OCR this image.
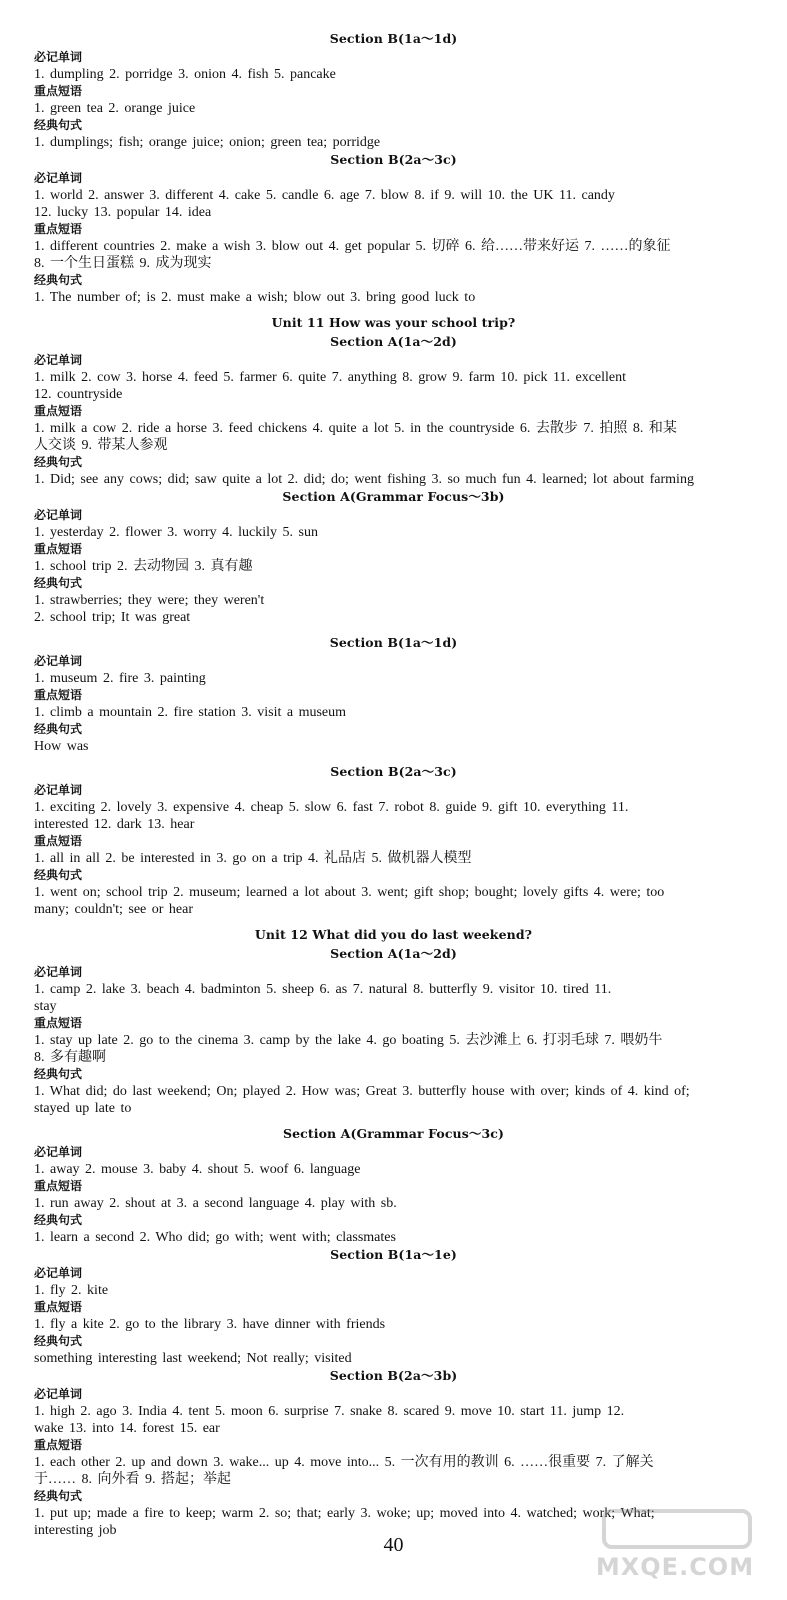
Section B(1a～1d)
必记单词
1. dumpling 2. porridge 3. onion 4. fish 5. pancake
重点短语
1. green tea 2. orange juice
经典句式
1. dumplings; fish; orange juice; onion; green tea; porridge
Section B(2a～3c)
必记单词
1. world 2. answer 3. different 4. cake 5. candle 6. age 7. blow 8. if 9. will 10. the UK 11. candy
12. lucky 13. popular 14. idea
重点短语
1. different countries 2. make a wish 3. blow out 4. get popular 5. 切碎 6. 给……带来好运 7. ……的象征
8. 一个生日蛋糕 9. 成为现实
经典句式
1. The number of; is 2. must make a wish; blow out 3. bring good luck to
Unit 11 How was your school trip?
Section A(1a～2d)
必记单词
1. milk 2. cow 3. horse 4. feed 5. farmer 6. quite 7. anything 8. grow 9. farm 10. pick 11. excellent
12. countryside
重点短语
1. milk a cow 2. ride a horse 3. feed chickens 4. quite a lot 5. in the countryside 6. 去散步 7. 拍照 8. 和某
人交谈 9. 带某人参观
经典句式
1. Did; see any cows; did; saw quite a lot 2. did; do; went fishing 3. so much fun 4. learned; lot about farming
Section A(Grammar Focus～3b)
必记单词
1. yesterday 2. flower 3. worry 4. luckily 5. sun
重点短语
1. school trip 2. 去动物园 3. 真有趣
经典句式
1. strawberries; they were; they weren't
2. school trip; It was great
Section B(1a～1d)
必记单词
1. museum 2. fire 3. painting
重点短语
1. climb a mountain 2. fire station 3. visit a museum
经典句式
How was
Section B(2a～3c)
必记单词
1. exciting 2. lovely 3. expensive 4. cheap 5. slow 6. fast 7. robot 8. guide 9. gift 10. everything 11.
interested 12. dark 13. hear
重点短语
1. all in all 2. be interested in 3. go on a trip 4. 礼品店 5. 做机器人模型
经典句式
1. went on; school trip 2. museum; learned a lot about 3. went; gift shop; bought; lovely gifts 4. were; too
many; couldn't; see or hear
Unit 12 What did you do last weekend?
Section A(1a～2d)
必记单词
1. camp 2. lake 3. beach 4. badminton 5. sheep 6. as 7. natural 8. butterfly 9. visitor 10. tired 11.
stay
重点短语
1. stay up late 2. go to the cinema 3. camp by the lake 4. go boating 5. 去沙滩上 6. 打羽毛球 7. 喂奶牛
8. 多有趣啊
经典句式
1. What did; do last weekend; On; played 2. How was; Great 3. butterfly house with over; kinds of 4. kind of;
stayed up late to
Section A(Grammar Focus～3c)
必记单词
1. away 2. mouse 3. baby 4. shout 5. woof 6. language
重点短语
1. run away 2. shout at 3. a second language 4. play with sb.
经典句式
1. learn a second 2. Who did; go with; went with; classmates
Section B(1a～1e)
必记单词
1. fly 2. kite
重点短语
1. fly a kite 2. go to the library 3. have dinner with friends
经典句式
something interesting last weekend; Not really; visited
Section B(2a～3b)
必记单词
1. high 2. ago 3. India 4. tent 5. moon 6. surprise 7. snake 8. scared 9. move 10. start 11. jump 12.
wake 13. into 14. forest 15. ear
重点短语
1. each other 2. up and down 3. wake... up 4. move into... 5. 一次有用的教训 6. ……很重要 7. 了解关
于…… 8. 向外看 9. 搭起；举起
经典句式
1. put up; made a fire to keep; warm 2. so; that; early 3. woke; up; moved into 4. watched; work; What;
interesting job
40
MXQE.COM
